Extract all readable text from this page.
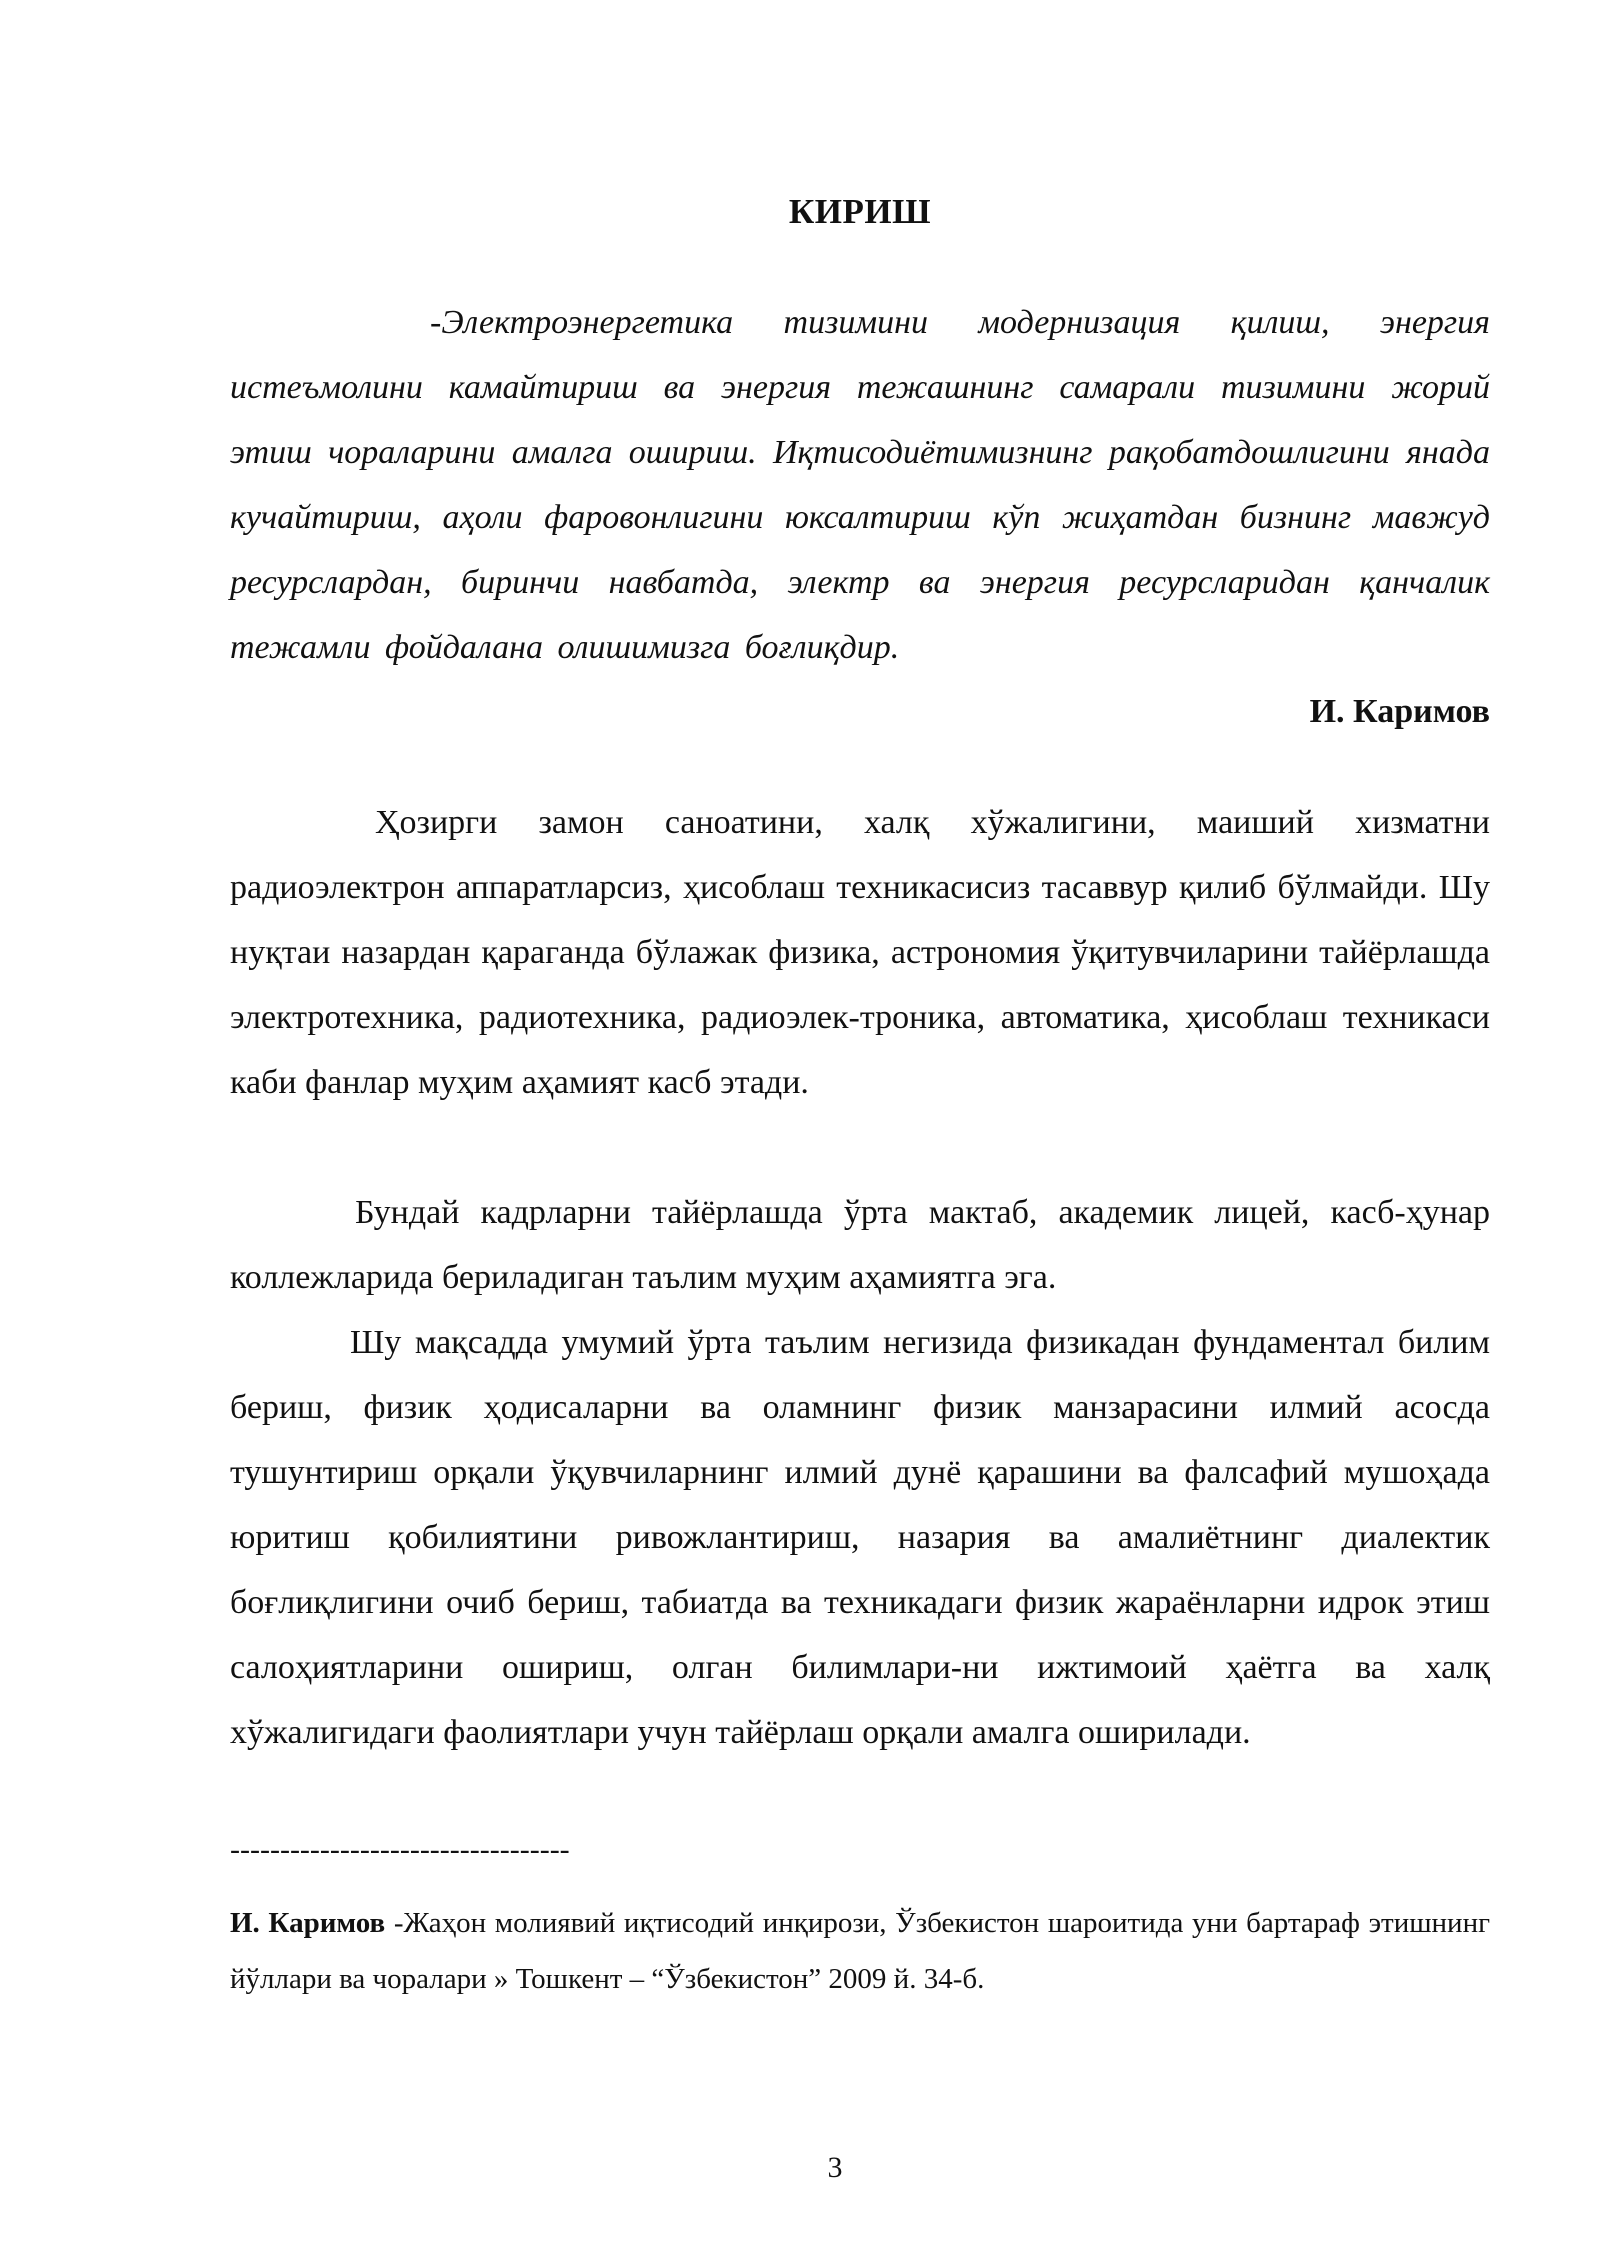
КИРИШ
-Электроэнергетика тизимини модернизация қилиш, энергия истеъмолини камайтириш ва энергия тежашнинг самарали тизимини жорий этиш чораларини амалга ошириш. Иқтисодиётимизнинг рақобатдошлигини янада кучайтириш, аҳоли фаровонлигини юксалтириш кўп жиҳатдан бизнинг мавжуд ресурслардан, биринчи навбатда, электр ва энергия ресурсларидан қанчалик тежамли фойдалана олишимизга боғлиқдир.
И. Каримов
Ҳозирги замон саноатини, халқ хўжалигини, маиший хизматни радиоэлектрон аппаратларсиз, ҳисоблаш техникасисиз тасаввур қилиб бўлмайди. Шу нуқтаи назардан қараганда бўлажак физика, астрономия ўқитувчиларини тайёрлашда электротехника, радиотехника, радиоэлек-троника, автоматика, ҳисоблаш техникаси каби фанлар муҳим аҳамият касб этади.
Бундай кадрларни тайёрлашда ўрта мактаб, академик лицей, касб-ҳунар коллежларида бериладиган таълим муҳим аҳамиятга эга.
Шу мақсадда умумий ўрта таълим негизида физикадан фундаментал билим бериш, физик ҳодисаларни ва оламнинг физик манзарасини илмий асосда тушунтириш орқали ўқувчиларнинг илмий дунё қарашини ва фалсафий мушоҳада юритиш қобилиятини ривожлантириш, назария ва амалиётнинг диалектик боғлиқлигини очиб бериш, табиатда ва техникадаги физик жараёнларни идрок этиш салоҳиятларини ошириш, олган билимлари-ни ижтимоий ҳаётга ва халқ хўжалигидаги фаолиятлари учун тайёрлаш орқали амалга оширилади.
----------------------------------
И. Каримов -Жаҳон молиявий иқтисодий инқирози, Ўзбекистон шароитида уни бартараф этишнинг йўллари ва чоралари » Тошкент – “Ўзбекистон” 2009 й. 34-б.
3
